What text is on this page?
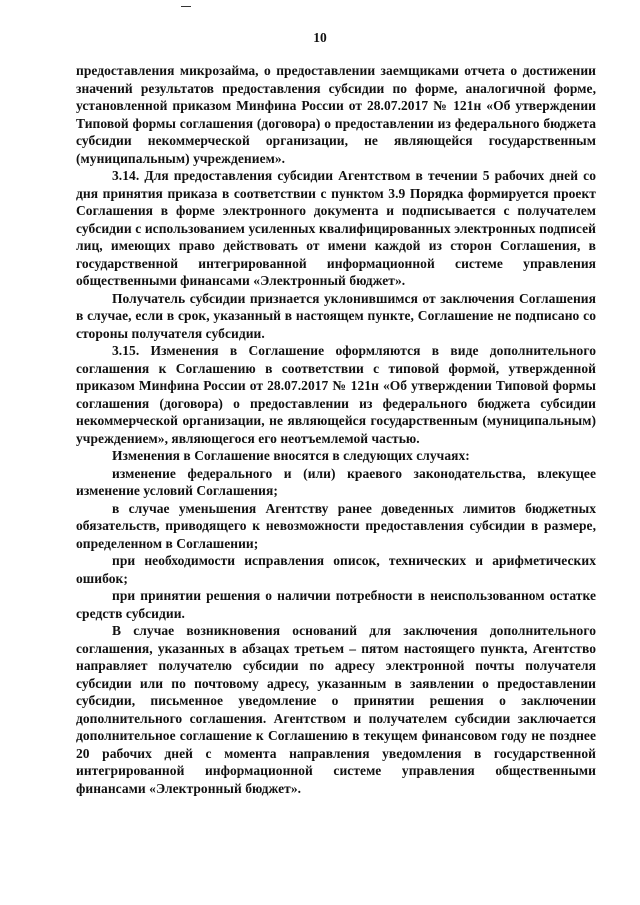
10

предоставления микрозайма, о предоставлении заемщиками отчета о достижении значений результатов предоставления субсидии по форме, аналогичной форме, установленной приказом Минфина России от 28.07.2017 № 121н «Об утверждении Типовой формы соглашения (договора) о предоставлении из федерального бюджета субсидии некоммерческой организации, не являющейся государственным (муниципальным) учреждением».

3.14. Для предоставления субсидии Агентством в течении 5 рабочих дней со дня принятия приказа в соответствии с пунктом 3.9 Порядка формируется проект Соглашения в форме электронного документа и подписывается с получателем субсидии с использованием усиленных квалифицированных электронных подписей лиц, имеющих право действовать от имени каждой из сторон Соглашения, в государственной интегрированной информационной системе управления общественными финансами «Электронный бюджет».

Получатель субсидии признается уклонившимся от заключения Соглашения в случае, если в срок, указанный в настоящем пункте, Соглашение не подписано со стороны получателя субсидии.

3.15. Изменения в Соглашение оформляются в виде дополнительного соглашения к Соглашению в соответствии с типовой формой, утвержденной приказом Минфина России от 28.07.2017 № 121н «Об утверждении Типовой формы соглашения (договора) о предоставлении из федерального бюджета субсидии некоммерческой организации, не являющейся государственным (муниципальным) учреждением», являющегося его неотъемлемой частью.

Изменения в Соглашение вносятся в следующих случаях:

изменение федерального и (или) краевого законодательства, влекущее изменение условий Соглашения;

в случае уменьшения Агентству ранее доведенных лимитов бюджетных обязательств, приводящего к невозможности предоставления субсидии в размере, определенном в Соглашении;

при необходимости исправления описок, технических и арифметических ошибок;

при принятии решения о наличии потребности в неиспользованном остатке средств субсидии.

В случае возникновения оснований для заключения дополнительного соглашения, указанных в абзацах третьем – пятом настоящего пункта, Агентство направляет получателю субсидии по адресу электронной почты получателя субсидии или по почтовому адресу, указанным в заявлении о предоставлении субсидии, письменное уведомление о принятии решения о заключении дополнительного соглашения. Агентством и получателем субсидии заключается дополнительное соглашение к Соглашению в текущем финансовом году не позднее 20 рабочих дней с момента направления уведомления в государственной интегрированной информационной системе управления общественными финансами «Электронный бюджет».
